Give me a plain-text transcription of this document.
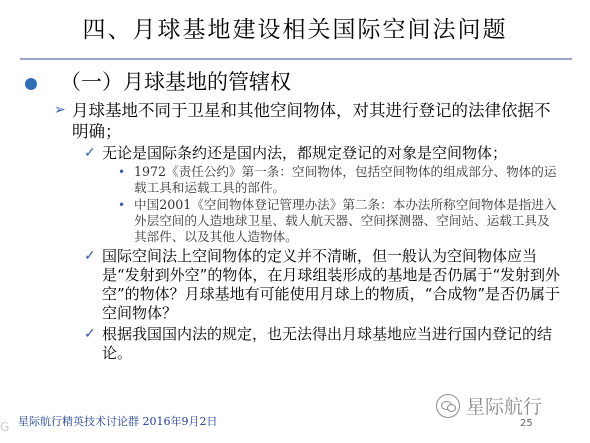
四、月球基地建设相关国际空间法问题
（一）月球基地的管辖权
➢ 月球基地不同于卫星和其他空间物体，对其进行登记的法律依据不明确；
✓ 无论是国际条约还是国内法，都规定登记的对象是空间物体；
• 1972《责任公约》第一条：空间物体，包括空间物体的组成部分、物体的运载工具和运载工具的部件。
• 中国2001《空间物体登记管理办法》第二条：本办法所称空间物体是指进入外层空间的人造地球卫星、载人航天器、空间探测器、空间站、运载工具及其部件、以及其他人造物体。
✓ 国际空间法上空间物体的定义并不清晰，但一般认为空间物体应当是“发射到外空”的物体，在月球组装形成的基地是否仍属于“发射到外空”的物体？月球基地有可能使用月球上的物质，“合成物”是否仍属于空间物体？
✓ 根据我国国内法的规定，也无法得出月球基地应当进行国内登记的结论。
星际航行精英技术讨论群 2016年9月2日	25
星际航行
G
